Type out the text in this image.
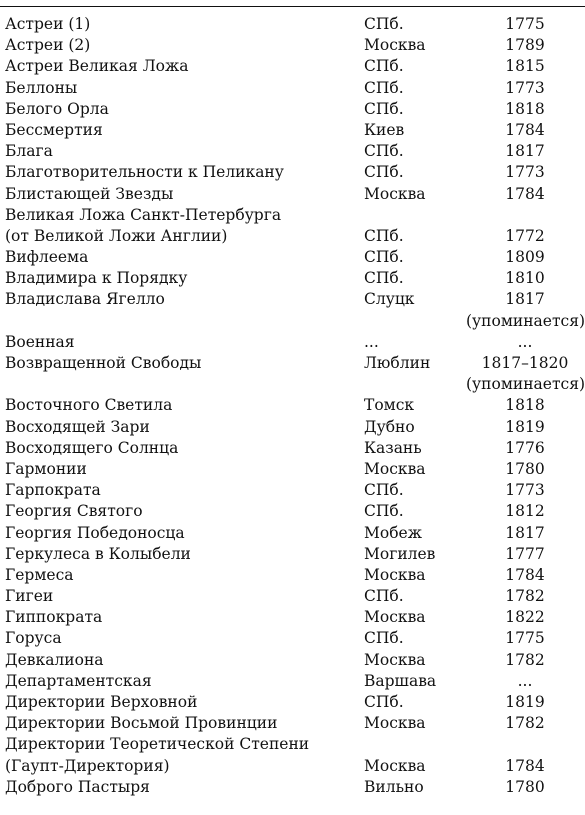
Астреи (1)	СПб.	1775
Астреи (2)	Москва	1789
Астреи Великая Ложа	СПб.	1815
Беллоны	СПб.	1773
Белого Орла	СПб.	1818
Бессмертия	Киев	1784
Блага	СПб.	1817
Благотворительности к Пеликану	СПб.	1773
Блистающей Звезды	Москва	1784
Великая Ложа Санкт-Петербурга
(от Великой Ложи Англии)	СПб.	1772
Вифлеема	СПб.	1809
Владимира к Порядку	СПб.	1810
Владислава Ягелло	Слуцк	1817
(упоминается)
Военная	...	...
Возвращенной Свободы	Люблин	1817–1820
(упоминается)
Восточного Светила	Томск	1818
Восходящей Зари	Дубно	1819
Восходящего Солнца	Казань	1776
Гармонии	Москва	1780
Гарпократа	СПб.	1773
Георгия Святого	СПб.	1812
Георгия Победоносца	Мобеж	1817
Геркулеса в Колыбели	Могилев	1777
Гермеса	Москва	1784
Гигеи	СПб.	1782
Гиппократа	Москва	1822
Горуса	СПб.	1775
Девкалиона	Москва	1782
Департаментская	Варшава	...
Директории Верховной	СПб.	1819
Директории Восьмой Провинции	Москва	1782
Директории Теоретической Степени
(Гаупт-Директория)	Москва	1784
Доброго Пастыря	Вильно	1780
